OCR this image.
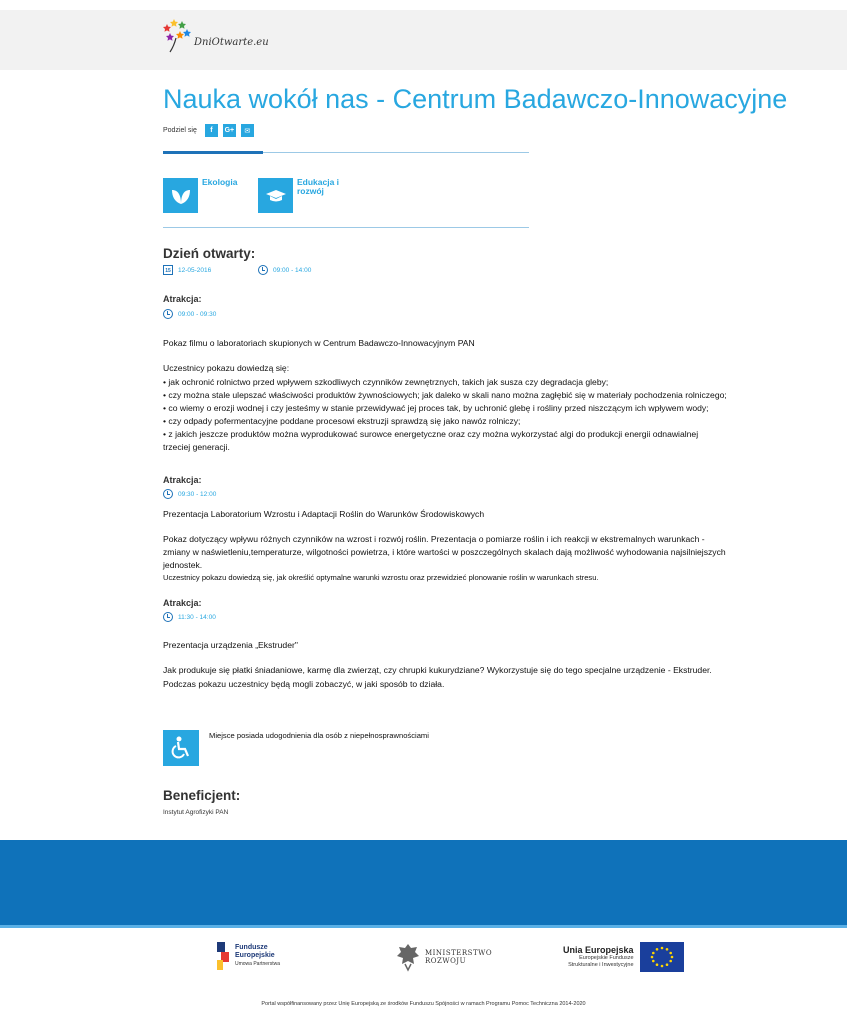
DniOtwarte.eu
Nauka wokół nas - Centrum Badawczo-Innowacyjne
Podziel się	f	G+	✉
Ekologia	Edukacja i rozwój
Dzień otwarty:
15	12-05-2016	09:00 - 14:00
Atrakcja:
09:00 - 09:30
Pokaz filmu o laboratoriach skupionych w Centrum Badawczo-Innowacyjnym PAN
Uczestnicy pokazu dowiedzą się:
• jak ochronić rolnictwo przed wpływem szkodliwych czynników zewnętrznych, takich jak susza czy degradacja gleby;
• czy można stale ulepszać właściwości produktów żywnościowych; jak daleko w skali nano można zagłębić się w materiały pochodzenia rolniczego;
• co wiemy o erozji wodnej i czy jesteśmy w stanie przewidywać jej proces tak, by uchronić glebę i rośliny przed niszczącym ich wpływem wody;
• czy odpady pofermentacyjne poddane procesowi ekstruzji sprawdzą się jako nawóz rolniczy;
• z jakich jeszcze produktów można wyprodukować surowce energetyczne oraz czy można wykorzystać algi do produkcji energii odnawialnej
trzeciej generacji.
Atrakcja:
09:30 - 12:00
Prezentacja Laboratorium Wzrostu i Adaptacji Roślin do Warunków Środowiskowych
Pokaz dotyczący wpływu różnych czynników na wzrost i rozwój roślin. Prezentacja o pomiarze roślin i ich reakcji w ekstremalnych warunkach -
zmiany w naświetleniu,temperaturze, wilgotności powietrza, i które wartości w poszczególnych skalach dają możliwość wyhodowania najsilniejszych
jednostek.
Uczestnicy pokazu dowiedzą się, jak określić optymalne warunki wzrostu oraz przewidzieć plonowanie roślin w warunkach stresu.
Atrakcja:
11:30 - 14:00
Prezentacja urządzenia „Ekstruder"
Jak produkuje się płatki śniadaniowe, karmę dla zwierząt, czy chrupki kukurydziane? Wykorzystuje się do tego specjalne urządzenie - Ekstruder.
Podczas pokazu uczestnicy będą mogli zobaczyć, w jaki sposób to działa.
Miejsce posiada udogodnienia dla osób z niepełnosprawnościami
Beneficjent:
Instytut Agrofizyki PAN
Fundusze
Europejskie
Umowa Partnerstwa
MINISTERSTWO
ROZWOJU
Unia Europejska
Europejskie Fundusze
Strukturalne i Inwestycyjne
Portal współfinansowany przez Unię Europejską ze środków Funduszu Spójności w ramach Programu Pomoc Techniczna 2014-2020
